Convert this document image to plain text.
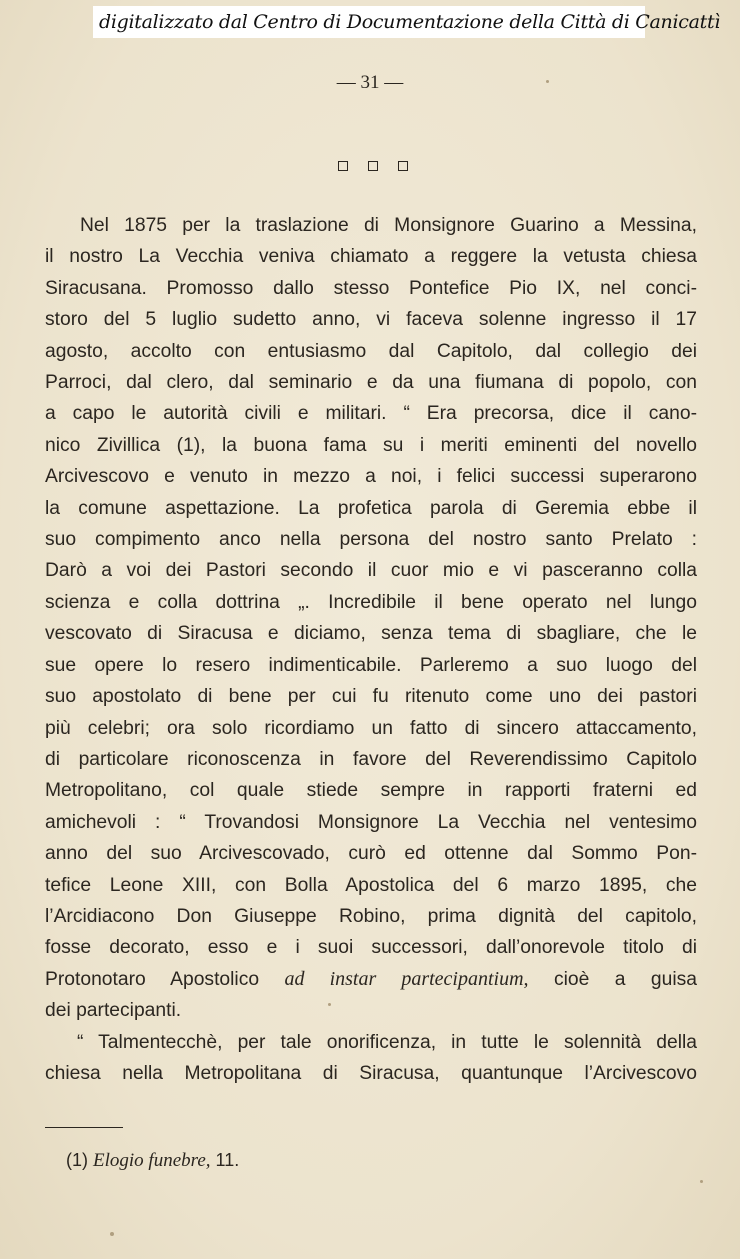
digitalizzato dal Centro di Documentazione della Città di Canicattì
— 31 —

Nel 1875 per la traslazione di Monsignore Guarino a Messina,

il nostro La Vecchia veniva chiamato a reggere la vetusta chiesa

Siracusana. Promosso dallo stesso Pontefice Pio IX, nel conci-

storo del 5 luglio sudetto anno, vi faceva solenne ingresso il 17

agosto, accolto con entusiasmo dal Capitolo, dal collegio dei

Parroci, dal clero, dal seminario e da una fiumana di popolo, con

a capo le autorità civili e militari. “ Era precorsa, dice il cano-

nico Zivillica (1), la buona fama su i meriti eminenti del novello

Arcivescovo e venuto in mezzo a noi, i felici successi superarono

la comune aspettazione. La profetica parola di Geremia ebbe il

suo compimento anco nella persona del nostro santo Prelato :

Darò a voi dei Pastori secondo il cuor mio e vi pasceranno colla

scienza e colla dottrina „. Incredibile il bene operato nel lungo

vescovato di Siracusa e diciamo, senza tema di sbagliare, che le

sue opere lo resero indimenticabile. Parleremo a suo luogo del

suo apostolato di bene per cui fu ritenuto come uno dei pastori

più celebri; ora solo ricordiamo un fatto di sincero attaccamento,

di particolare riconoscenza in favore del Reverendissimo Capitolo

Metropolitano, col quale stiede sempre in rapporti fraterni ed

amichevoli : “ Trovandosi Monsignore La Vecchia nel ventesimo

anno del suo Arcivescovado, curò ed ottenne dal Sommo Pon-

tefice Leone XIII, con Bolla Apostolica del 6 marzo 1895, che

l’Arcidiacono Don Giuseppe Robino, prima dignità del capitolo,

fosse decorato, esso e i suoi successori, dall’onorevole titolo di

Protonotaro Apostolico ad instar partecipantium, cioè a guisa

dei partecipanti.

“ Talmentecchè, per tale onorificenza, in tutte le solennità della

chiesa nella Metropolitana di Siracusa, quantunque l’Arcivescovo

(1) Elogio funebre, 11.
